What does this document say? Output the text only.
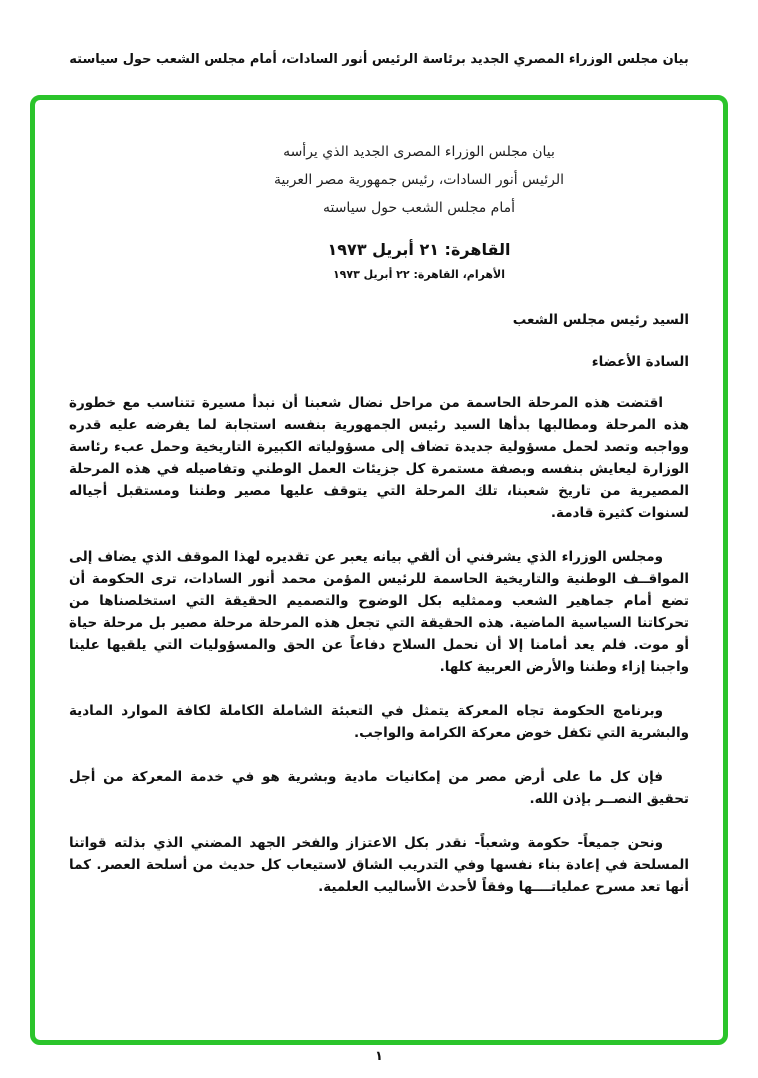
بيان مجلس الوزراء المصري الجديد برئاسة الرئيس أنور السادات، أمام مجلس الشعب حول سياسته
بيان مجلس الوزراء المصرى الجديد الذي يرأسه
الرئيس أنور السادات، رئيس جمهورية مصر العربية
أمام مجلس الشعب حول سياسته
القاهرة: ٢١ أبريل ١٩٧٣
الأهرام، القاهرة: ٢٢ أبريل ١٩٧٣
السيد رئيس مجلس الشعب
السادة الأعضاء

اقتضت هذه المرحلة الحاسمة من مراحل نضال شعبنا أن نبدأ مسيرة تتناسب مع خطورة هذه المرحلة ومطالبها بدأها السيد رئيس الجمهورية بنفسه استجابة لما يفرضه عليه قدره وواجبه وتصد لحمل مسؤولية جديدة تضاف إلى مسؤولياته الكبيرة التاريخية وحمل عبء رئاسة الوزارة ليعايش بنفسه وبصفة مستمرة كل جزيئات العمل الوطني وتفاصيله في هذه المرحلة المصيرية من تاريخ شعبنا، تلك المرحلة التي يتوقف عليها مصير وطننا ومستقبل أجياله لسنوات كثيرة قادمة.

ومجلس الوزراء الذي يشرفني أن ألقي بيانه يعبر عن تقديره لهذا الموقف الذي يضاف إلى المواقــف الوطنية والتاريخية الحاسمة للرئيس المؤمن محمد أنور السادات، ترى الحكومة أن تضع أمام جماهير الشعب وممثليه بكل الوضوح والتصميم الحقيقة التي استخلصناها من تحركاتنا السياسية الماضية. هذه الحقيقة التي تجعل هذه المرحلة مرحلة مصير بل مرحلة حياة أو موت. فلم يعد أمامنا إلا أن نحمل السلاح دفاعاً عن الحق والمسؤوليات التي يلقيها علينا واجبنا إزاء وطننا والأرض العربية كلها.

وبرنامج الحكومة تجاه المعركة يتمثل في التعبئة الشاملة الكاملة لكافة الموارد المادية والبشرية التي تكفل خوض معركة الكرامة والواجب.

فإن كل ما على أرض مصر من إمكانيات مادية وبشرية هو في خدمة المعركة من أجل تحقيق النصــر بإذن الله.

ونحن جميعاً- حكومة وشعباً- نقدر بكل الاعتزاز والفخر الجهد المضني الذي بذلته قواتنا المسلحة في إعادة بناء نفسها وفي التدريب الشاق لاستيعاب كل حديث من أسلحة العصر. كما أنها تعد مسرح عملياتــــها وفقاً لأحدث الأساليب العلمية.

١
